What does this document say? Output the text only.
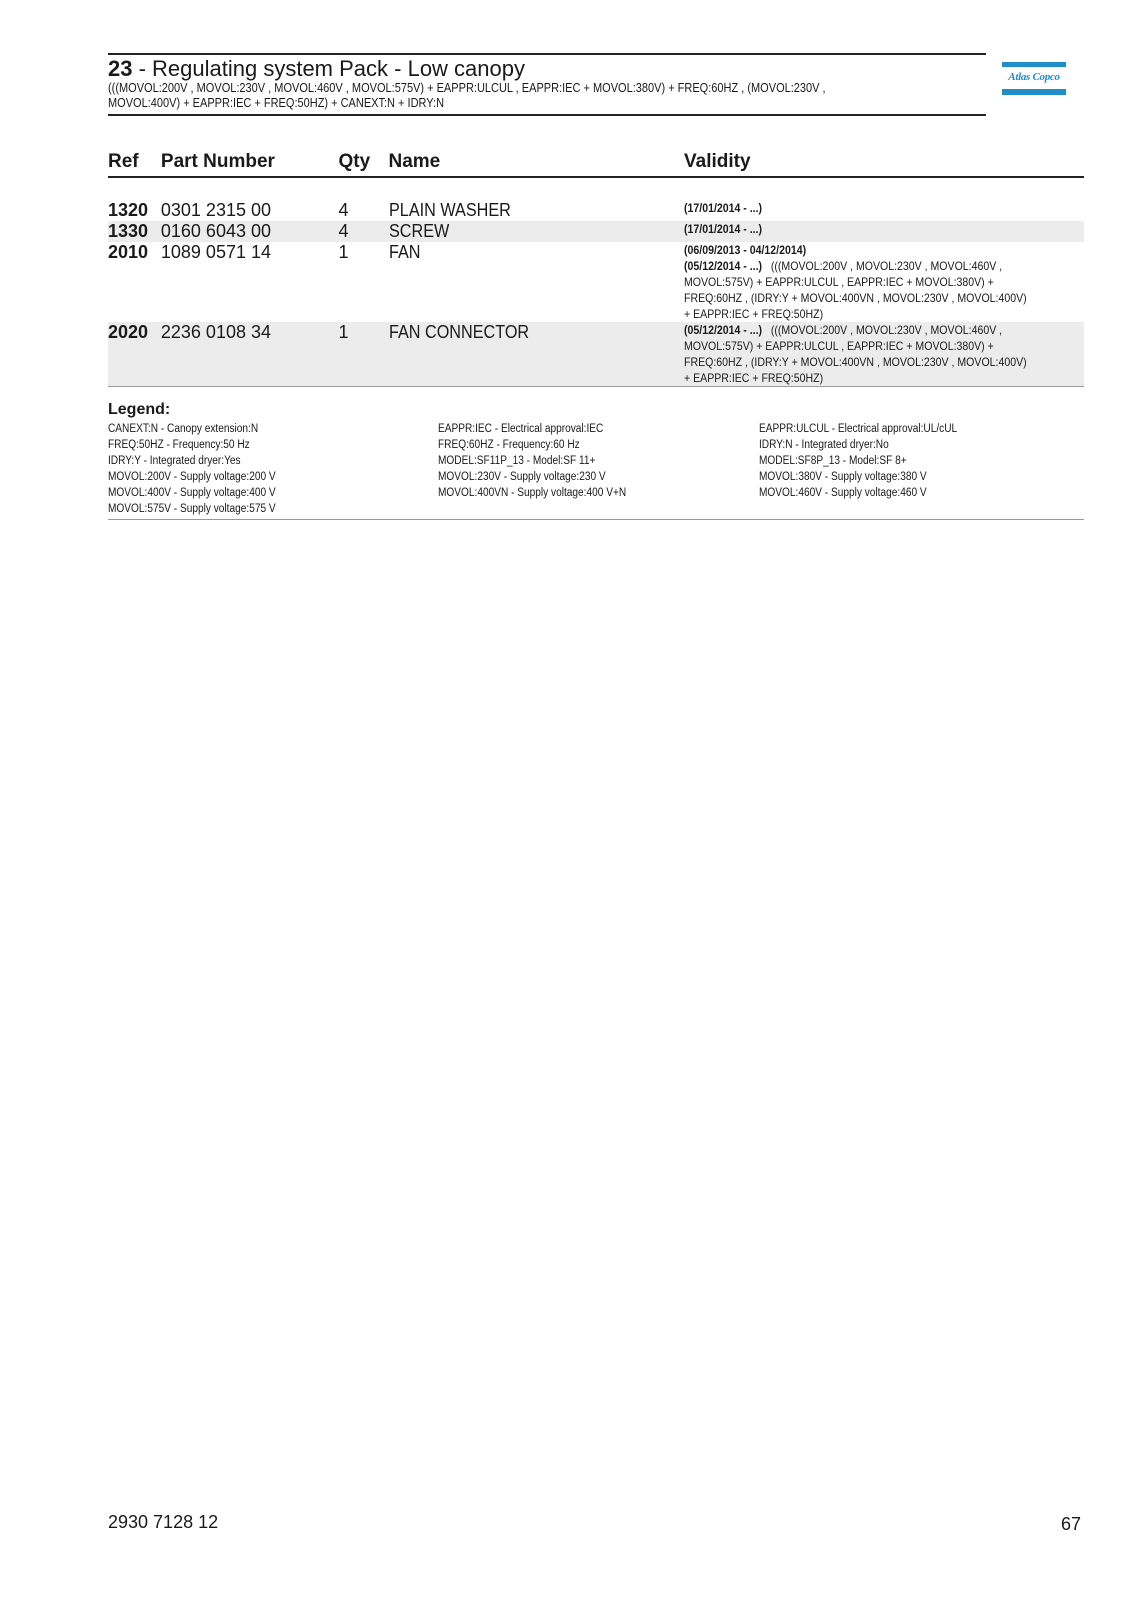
23 - Regulating system Pack - Low canopy
(((MOVOL:200V , MOVOL:230V , MOVOL:460V , MOVOL:575V) + EAPPR:ULCUL , EAPPR:IEC + MOVOL:380V) + FREQ:60HZ , (MOVOL:230V ,
MOVOL:400V) + EAPPR:IEC + FREQ:50HZ) + CANEXT:N + IDRY:N
Atlas Copco
Ref	Part Number	Qty	Name	Validity

1320	0301 2315 00	4	PLAIN WASHER	(17/01/2014 - ...)

1330	0160 6043 00	4	SCREW	(17/01/2014 - ...)

2010	1089 0571 14	1	FAN	(06/09/2013 - 04/12/2014)
(05/12/2014 - ...) (((MOVOL:200V , MOVOL:230V , MOVOL:460V ,
MOVOL:575V) + EAPPR:ULCUL , EAPPR:IEC + MOVOL:380V) +
FREQ:60HZ , (IDRY:Y + MOVOL:400VN , MOVOL:230V , MOVOL:400V)
+ EAPPR:IEC + FREQ:50HZ)

2020	2236 0108 34	1	FAN CONNECTOR	(05/12/2014 - ...) (((MOVOL:200V , MOVOL:230V , MOVOL:460V ,
MOVOL:575V) + EAPPR:ULCUL , EAPPR:IEC + MOVOL:380V) +
FREQ:60HZ , (IDRY:Y + MOVOL:400VN , MOVOL:230V , MOVOL:400V)
+ EAPPR:IEC + FREQ:50HZ)
Legend:
CANEXT:N - Canopy extension:N
FREQ:50HZ - Frequency:50 Hz
IDRY:Y - Integrated dryer:Yes
MOVOL:200V - Supply voltage:200 V
MOVOL:400V - Supply voltage:400 V
MOVOL:575V - Supply voltage:575 V
EAPPR:IEC - Electrical approval:IEC
FREQ:60HZ - Frequency:60 Hz
MODEL:SF11P_13 - Model:SF 11+
MOVOL:230V - Supply voltage:230 V
MOVOL:400VN - Supply voltage:400 V+N
EAPPR:ULCUL - Electrical approval:UL/cUL
IDRY:N - Integrated dryer:No
MODEL:SF8P_13 - Model:SF 8+
MOVOL:380V - Supply voltage:380 V
MOVOL:460V - Supply voltage:460 V
2930 7128 12	67
